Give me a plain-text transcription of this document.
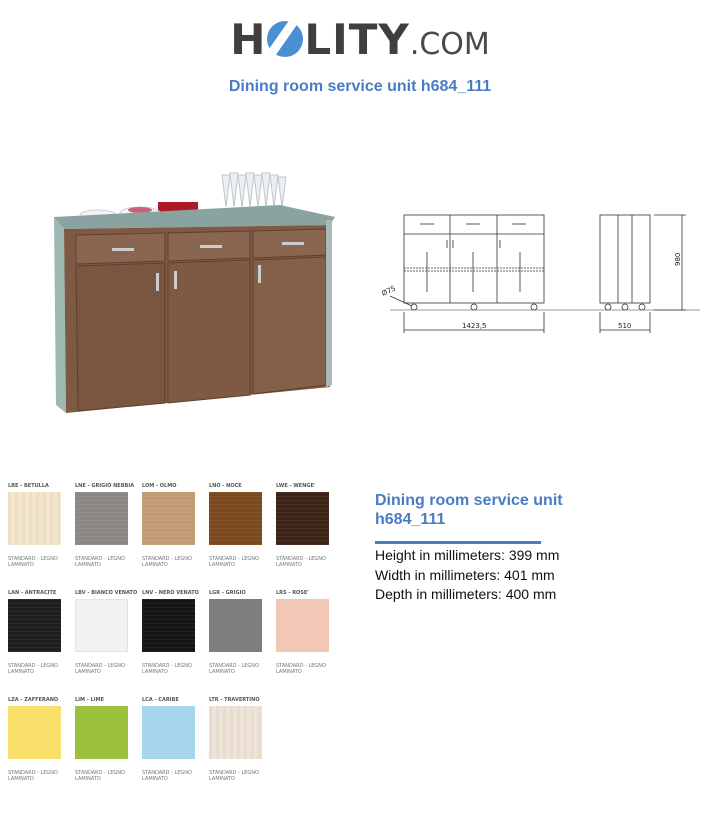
H LITY.COM
Dining room service unit h684_111
1423,5	510
980
Ø75
LBE - BETULLA
STANDARD - LEGNO LAMINATO
LNE - GRIGIO NEBBIA
STANDARD - LEGNO LAMINATO
LOM - OLMO
STANDARD - LEGNO LAMINATO
LNO - NOCE
STANDARD - LEGNO LAMINATO
LWE - WENGE'
STANDARD - LEGNO LAMINATO
LAN - ANTRACITE
STANDARD - LEGNO LAMINATO
LBV - BIANCO VENATO
STANDARD - LEGNO LAMINATO
LNV - NERO VENATO
STANDARD - LEGNO LAMINATO
LGR - GRIGIO
STANDARD - LEGNO LAMINATO
LRS - ROSE'
STANDARD - LEGNO LAMINATO
LZA - ZAFFERANO
STANDARD - LEGNO LAMINATO
LIM - LIME
STANDARD - LEGNO LAMINATO
LCA - CARIBE
STANDARD - LEGNO LAMINATO
LTR - TRAVERTINO
STANDARD - LEGNO LAMINATO
Dining room service unit h684_111
Height in millimeters: 399 mm
Width in millimeters: 401 mm
Depth in millimeters: 400 mm
